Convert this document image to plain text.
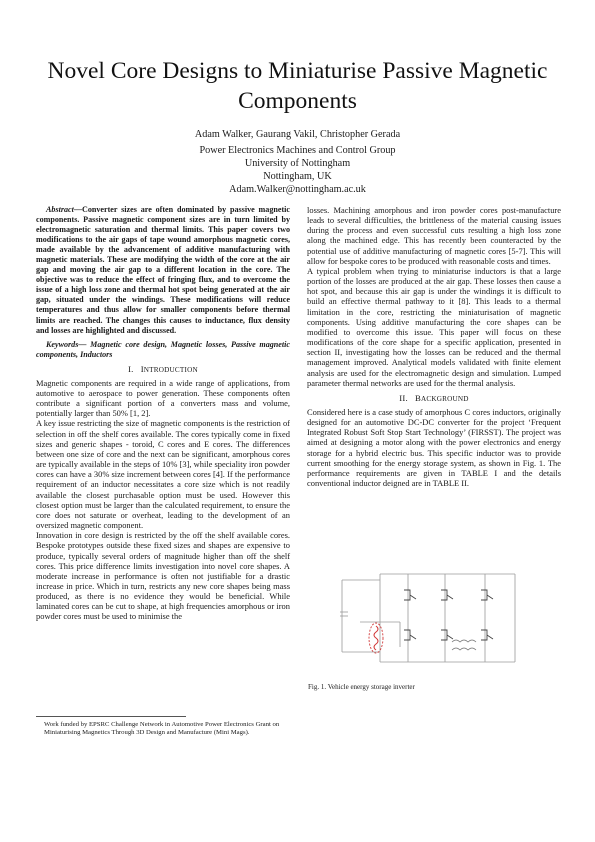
Novel Core Designs to Miniaturise Passive Magnetic Components
Adam Walker, Gaurang Vakil, Christopher Gerada
Power Electronics Machines and Control Group
University of Nottingham
Nottingham, UK
Adam.Walker@nottingham.ac.uk

Abstract—Converter sizes are often dominated by passive magnetic components. Passive magnetic component sizes are in turn limited by electromagnetic saturation and thermal limits. This paper covers two modifications to the air gaps of tape wound amorphous magnetic cores, made available by the advancement of additive manufacturing with magnetic materials. These are modifying the width of the core at the air gap and moving the air gap to a different location in the core. The objective was to reduce the effect of fringing flux, and to overcome the issue of a high loss zone and thermal hot spot being generated at the air gap, situated under the windings. These modifications will reduce temperatures and thus allow for smaller components before thermal limits are reached. The changes this causes to inductance, flux density and losses are highlighted and discussed.

Keywords— Magnetic core design, Magnetic losses, Passive magnetic components, Inductors

I. INTRODUCTION

Magnetic components are required in a wide range of applications, from automotive to aerospace to power generation. These components often contribute a significant portion of a converters mass and volume, potentially larger than 50% [1, 2].

A key issue restricting the size of magnetic components is the restriction of selection in off the shelf cores available. The cores typically come in fixed sizes and generic shapes - toroid, C cores and E cores. The differences between one size of core and the next can be significant, amorphous cores are typically available in the steps of 10% [3], while speciality iron powder cores can have a 30% size increment between cores [4]. If the performance requirement of an inductor necessitates a core size which is not readily available the closest purchasable option must be used. However this closest option must be larger than the calculated requirement, to ensure the core does not saturate or overheat, leading to the development of an oversized magnetic component.

Innovation in core design is restricted by the off the shelf available cores. Bespoke prototypes outside these fixed sizes and shapes are expensive to produce, typically several orders of magnitude higher than off the shelf cores. This price difference limits investigation into novel core shapes. A moderate increase in performance is often not justifiable for a drastic increase in price. Which in turn, restricts any new core shapes being mass produced, as there is no evidence they would be beneficial. While laminated cores can be cut to shape, at high frequencies amorphous or iron powder cores must be used to minimise the

losses. Machining amorphous and iron powder cores post-manufacture leads to several difficulties, the brittleness of the material causing issues during the process and even successful cuts resulting a high loss zone along the machined edge. This has recently been counteracted by the potential use of additive manufacturing of magnetic cores [5-7]. This will allow for bespoke cores to be produced with reasonable costs and times.

A typical problem when trying to miniaturise inductors is that a large portion of the losses are produced at the air gap. These losses then cause a hot spot, and because this air gap is under the windings it is difficult to build an effective thermal pathway to it [8]. This leads to a thermal limitation in the core, restricting the miniaturisation of magnetic components. Using additive manufacturing the core shapes can be modified to overcome this issue. This paper will focus on these modifications of the core shape for a specific application, presented in section II, investigating how the losses can be reduced and the thermal management improved. Analytical models validated with finite element analysis are used for the electromagnetic design and simulation. Lumped parameter thermal networks are used for the thermal analysis.

II. BACKGROUND

Considered here is a case study of amorphous C cores inductors, originally designed for an automotive DC-DC converter for the project ‘Frequent Integrated Robust Soft Stop Start Technology’ (FIRSST). The project was aimed at designing a motor along with the power electronics and energy storage for a hybrid electric bus. This specific inductor was to provide current smoothing for the energy storage system, as shown in Fig. 1. The performance requirements are given in TABLE I and the details conventional inductor deigned are in TABLE II.

Fig. 1. Vehicle energy storage inverter

Work funded by EPSRC Challenge Network in Automotive Power Electronics Grant on Miniaturising Magnetics Through 3D Design and Manufacture (Mini Mags).
